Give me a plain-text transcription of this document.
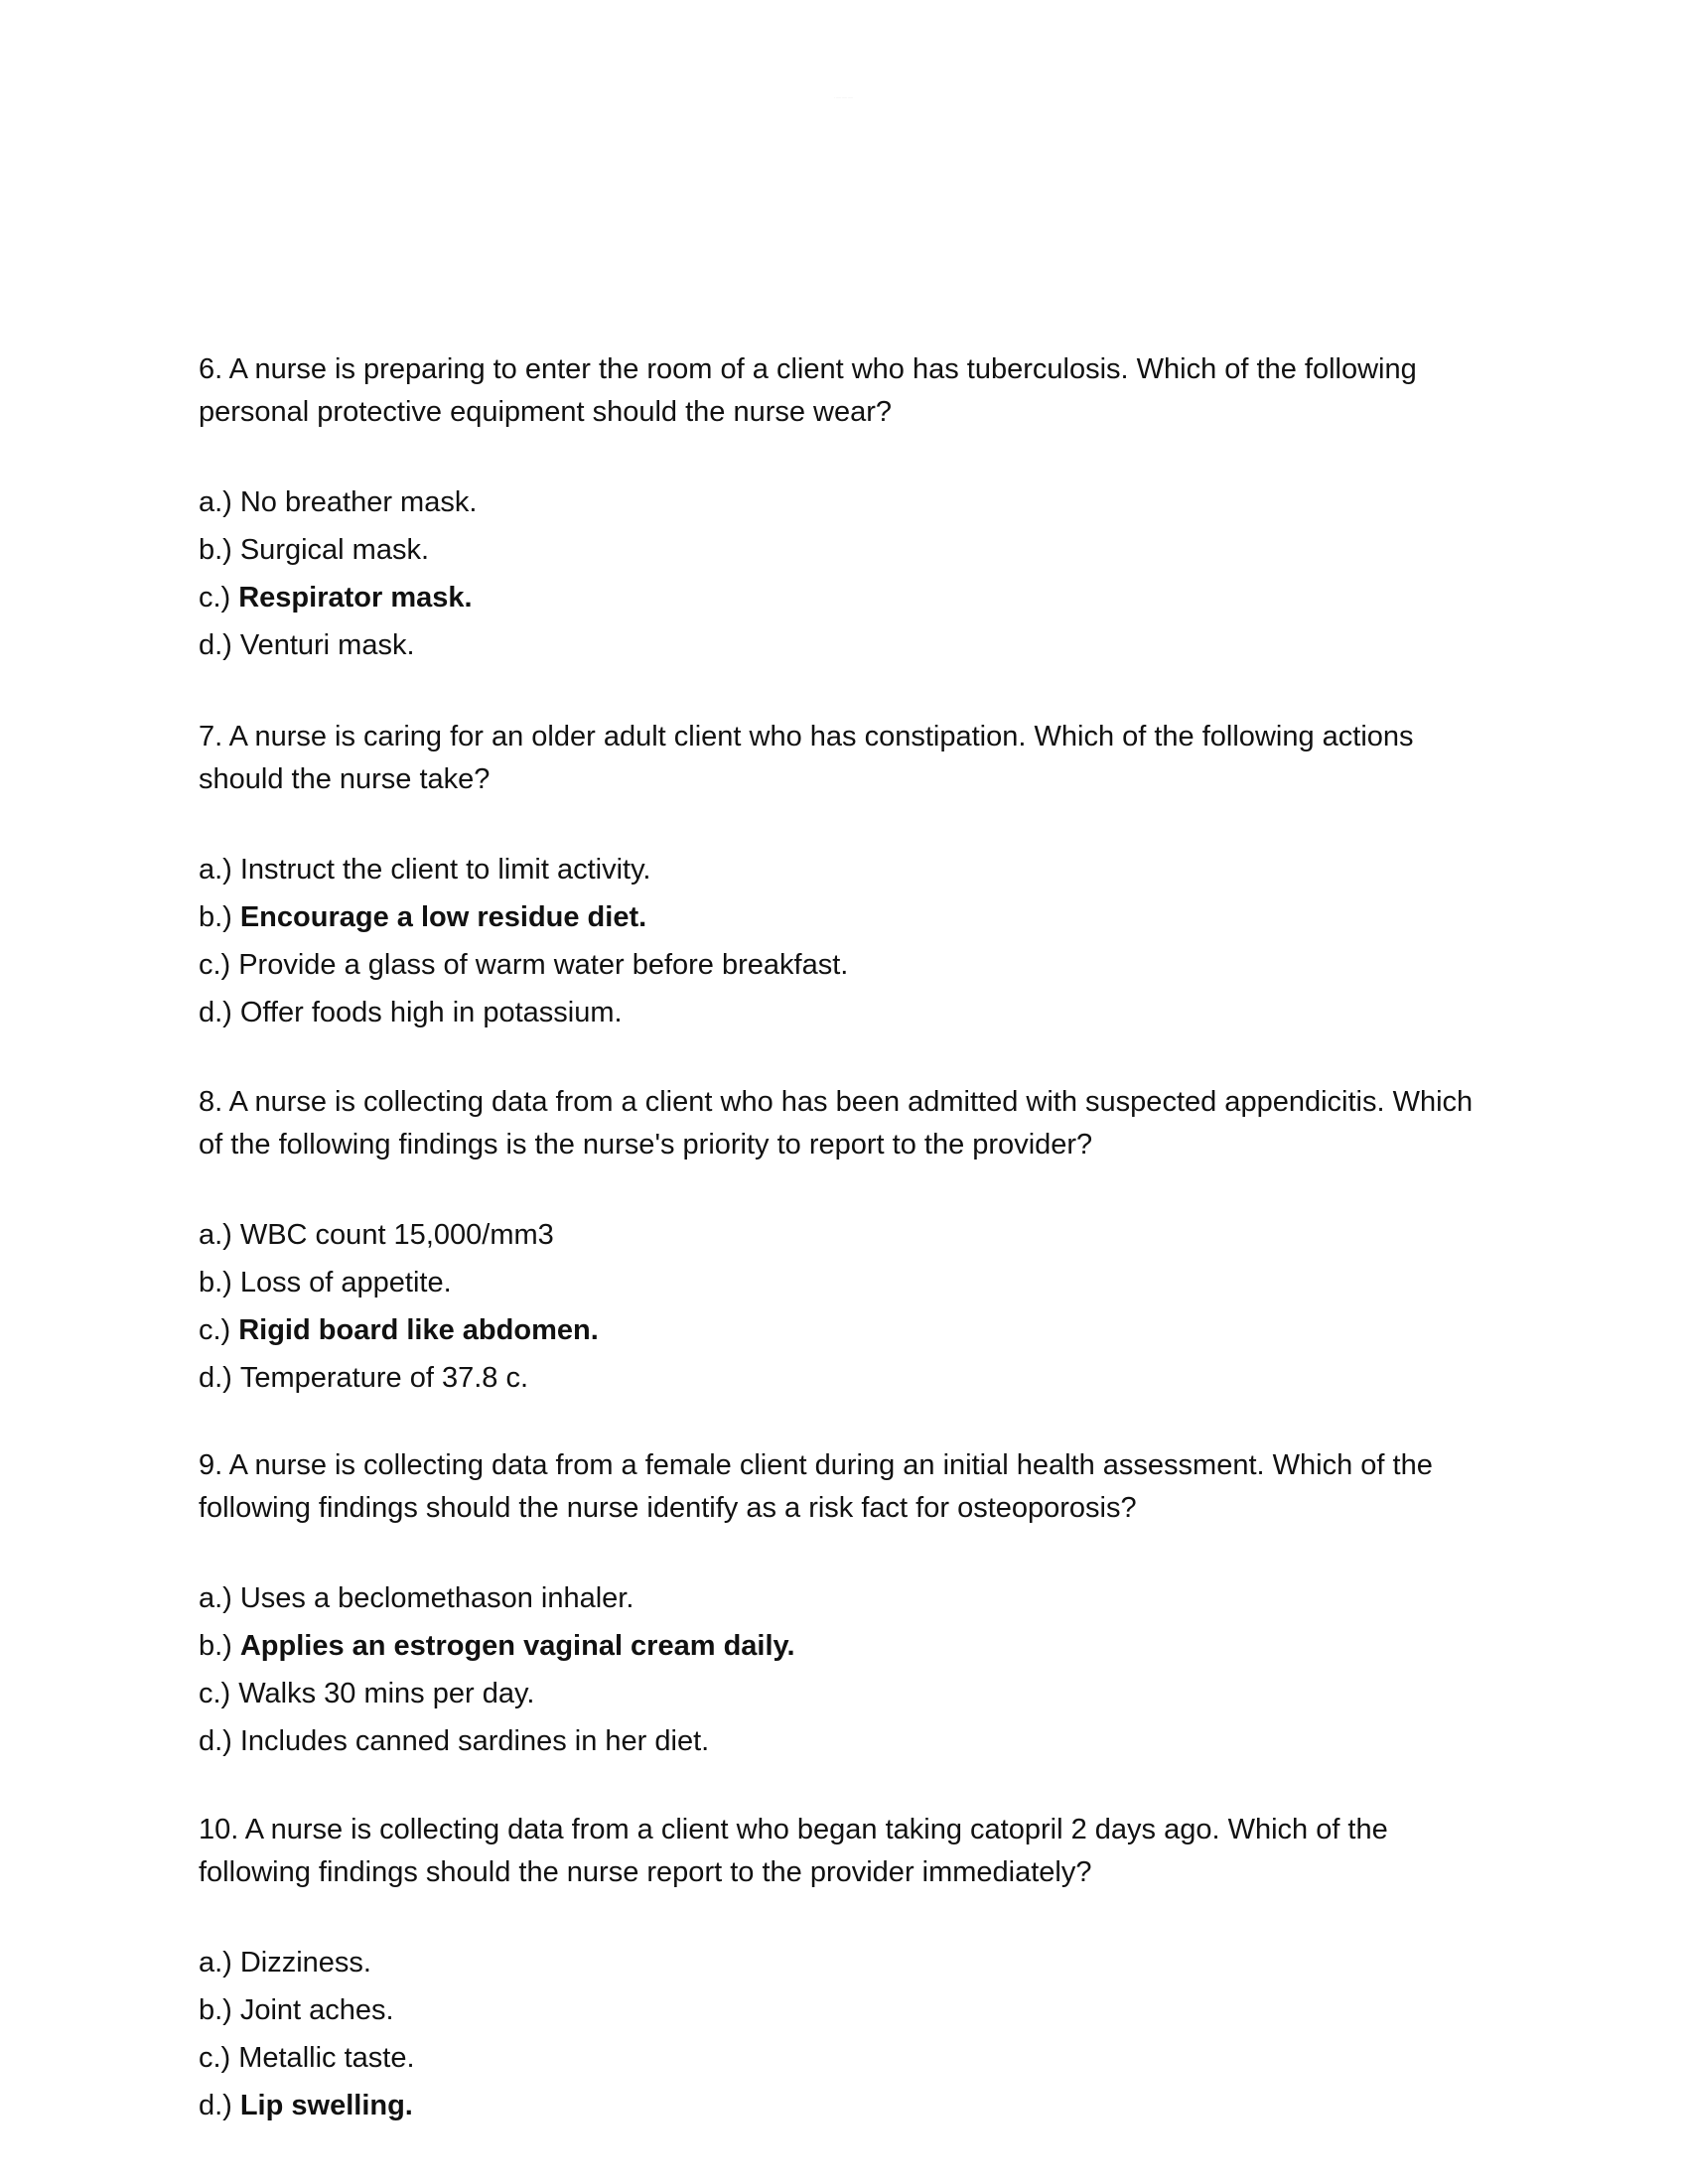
················

6. A nurse is preparing to enter the room of a client who has tuberculosis. Which of the following personal protective equipment should the nurse wear?

a.) No breather mask.
b.) Surgical mask.
c.) Respirator mask.
d.) Venturi mask.

7. A nurse is caring for an older adult client who has constipation. Which of the following actions should the nurse take?

a.) Instruct the client to limit activity.
b.) Encourage a low residue diet.
c.) Provide a glass of warm water before breakfast.
d.) Offer foods high in potassium.

8. A nurse is collecting data from a client who has been admitted with suspected appendicitis. Which of the following findings is the nurse's priority to report to the provider?

a.) WBC count 15,000/mm3
b.) Loss of appetite.
c.) Rigid board like abdomen.
d.) Temperature of 37.8 c.

9. A nurse is collecting data from a female client during an initial health assessment. Which of the following findings should the nurse identify as a risk fact for osteoporosis?

a.) Uses a beclomethason inhaler.
b.) Applies an estrogen vaginal cream daily.
c.) Walks 30 mins per day.
d.) Includes canned sardines in her diet.

10. A nurse is collecting data from a client who began taking catopril 2 days ago. Which of the following findings should the nurse report to the provider immediately?

a.) Dizziness.
b.) Joint aches.
c.) Metallic taste.
d.) Lip swelling.
